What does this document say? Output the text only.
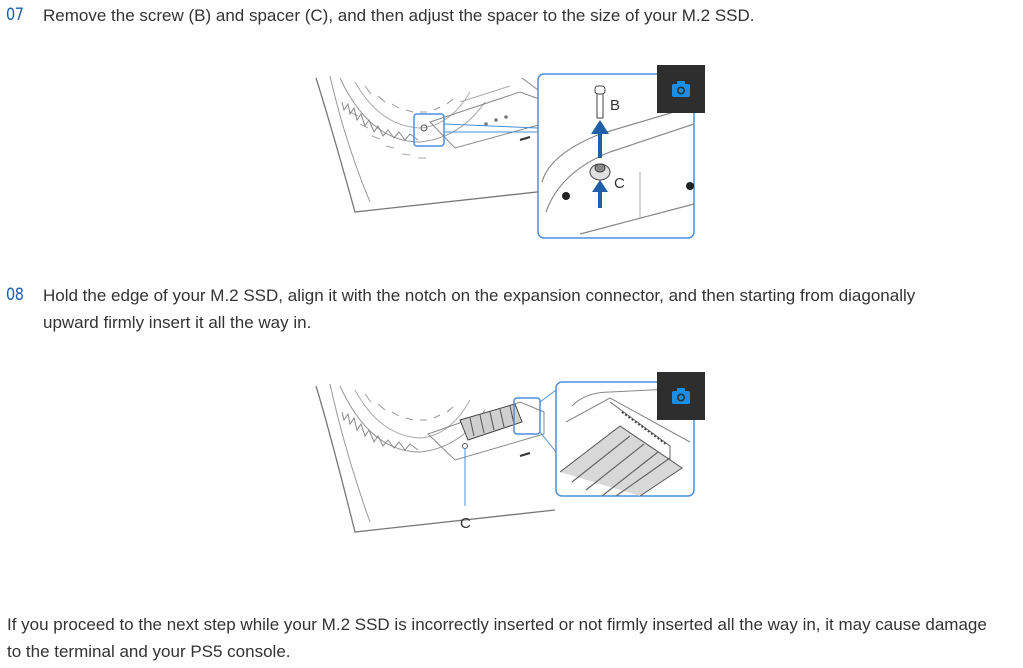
07 Remove the screw (B) and spacer (C), and then adjust the spacer to the size of your M.2 SSD.
B
C
08 Hold the edge of your M.2 SSD, align it with the notch on the expansion connector, and then starting from diagonally upward firmly insert it all the way in.
C

If you proceed to the next step while your M.2 SSD is incorrectly inserted or not firmly inserted all the way in, it may cause damage to the terminal and your PS5 console.
